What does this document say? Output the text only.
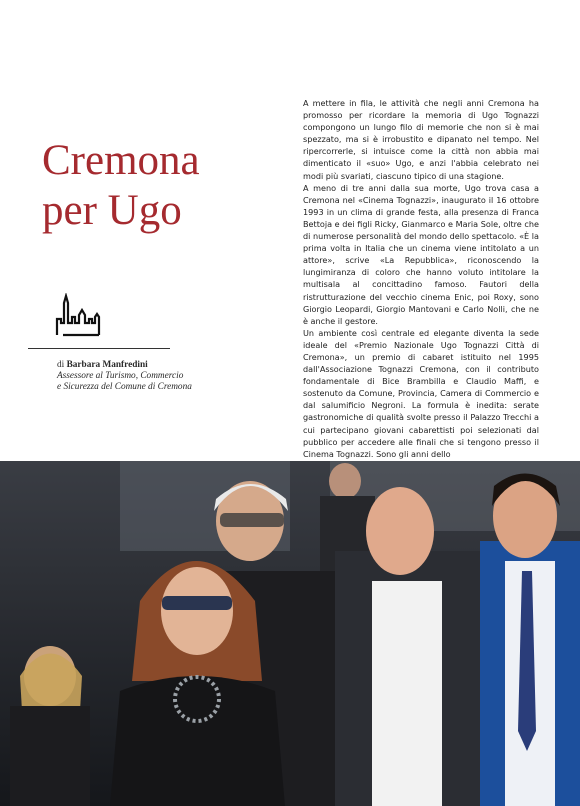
Cremona
per Ugo
di Barbara Manfredini
Assessore al Turismo, Commercio
e Sicurezza del Comune di Cremona

A mettere in fila, le attività che negli anni Cremona ha promosso per ricordare la memoria di Ugo Tognazzi compongono un lungo filo di memorie che non si è mai spezzato, ma si è irrobustito e dipanato nel tempo. Nel ripercorrerle, si intuisce come la città non abbia mai dimenticato il «suo» Ugo, e anzi l'abbia celebrato nei modi più svariati, ciascuno tipico di una stagione.

A meno di tre anni dalla sua morte, Ugo trova casa a Cremona nel «Cinema Tognazzi», inaugurato il 16 ottobre 1993 in un clima di grande festa, alla presenza di Franca Bettoja e dei figli Ricky, Gianmarco e Maria Sole, oltre che di numerose personalità del mondo dello spettacolo. «È la prima volta in Italia che un cinema viene intitolato a un attore», scrive «La Repubblica», riconoscendo la lungimiranza di coloro che hanno voluto intitolare la multisala al concittadino famoso. Fautori della ristrutturazione del vecchio cinema Enic, poi Roxy, sono Giorgio Leopardi, Giorgio Mantovani e Carlo Nolli, che ne è anche il gestore.

Un ambiente così centrale ed elegante diventa la sede ideale del «Premio Nazionale Ugo Tognazzi Città di Cremona», un premio di cabaret istituito nel 1995 dall'Associazione Tognazzi Cremona, con il contributo fondamentale di Bice Brambilla e Claudio Maffi, e sostenuto da Comune, Provincia, Camera di Commercio e dal salumificio Negroni. La formula è inedita: serate gastronomiche di qualità svolte presso il Palazzo Trecchi a cui partecipano giovani cabarettisti poi selezionati dal pubblico per accedere alle finali che si tengono presso il Cinema Tognazzi. Sono gli anni dello
